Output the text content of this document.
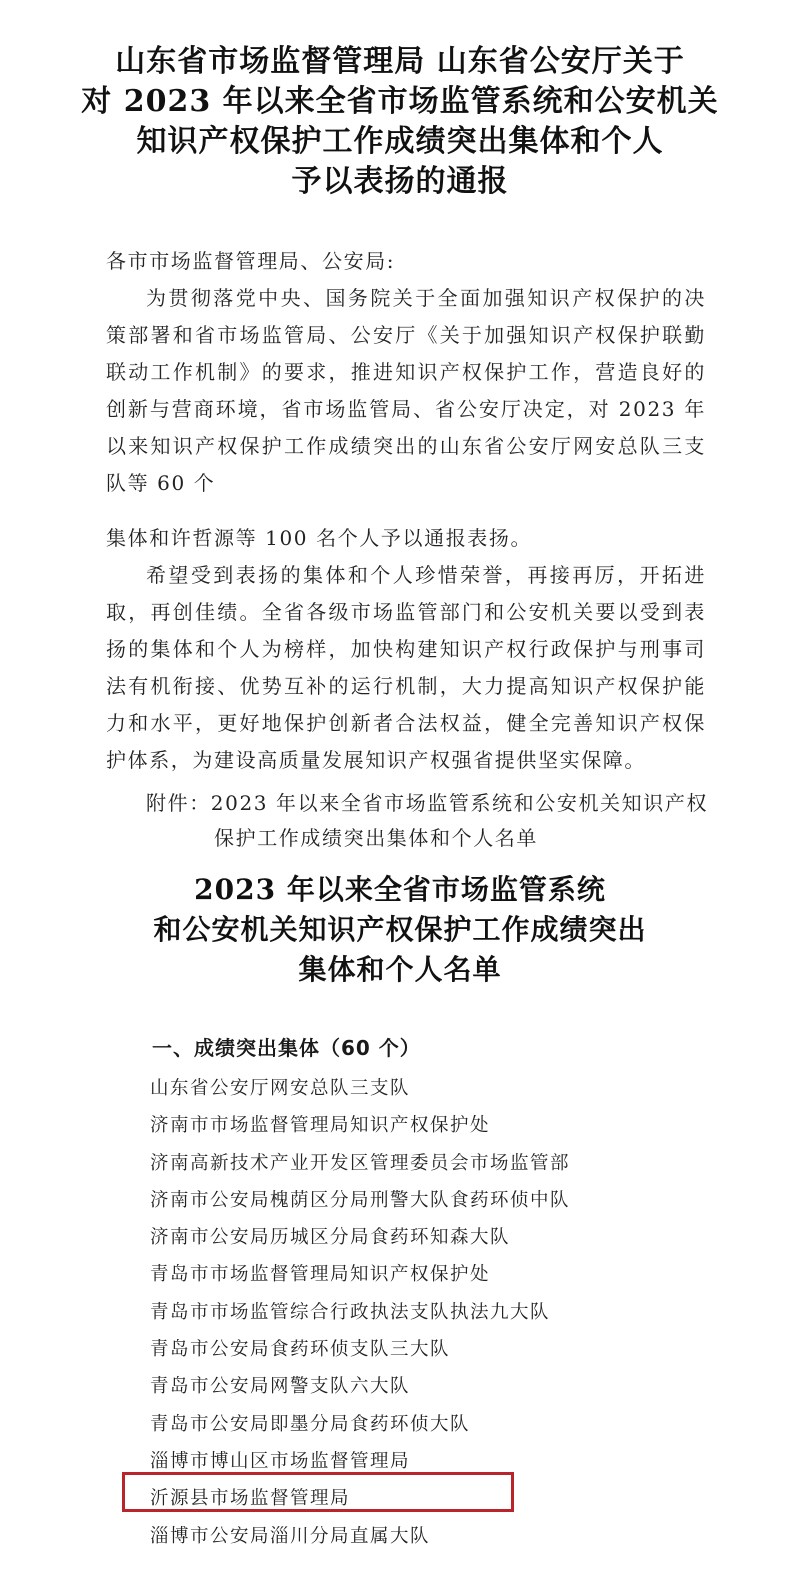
山东省市场监督管理局 山东省公安厅关于
对 2023 年以来全省市场监管系统和公安机关
知识产权保护工作成绩突出集体和个人
予以表扬的通报
各市市场监督管理局、公安局:
为贯彻落党中央、国务院关于全面加强知识产权保护的决策部署和省市场监管局、公安厅《关于加强知识产权保护联勤联动工作机制》的要求，推进知识产权保护工作，营造良好的创新与营商环境，省市场监管局、省公安厅决定，对 2023 年以来知识产权保护工作成绩突出的山东省公安厅网安总队三支队等 60 个
集体和许哲源等 100 名个人予以通报表扬。
希望受到表扬的集体和个人珍惜荣誉，再接再厉，开拓进取，再创佳绩。全省各级市场监管部门和公安机关要以受到表扬的集体和个人为榜样，加快构建知识产权行政保护与刑事司法有机衔接、优势互补的运行机制，大力提高知识产权保护能力和水平，更好地保护创新者合法权益，健全完善知识产权保护体系，为建设高质量发展知识产权强省提供坚实保障。
附件：2023 年以来全省市场监管系统和公安机关知识产权
保护工作成绩突出集体和个人名单
2023 年以来全省市场监管系统
和公安机关知识产权保护工作成绩突出
集体和个人名单
一、成绩突出集体（60 个）
山东省公安厅网安总队三支队
济南市市场监督管理局知识产权保护处
济南高新技术产业开发区管理委员会市场监管部
济南市公安局槐荫区分局刑警大队食药环侦中队
济南市公安局历城区分局食药环知森大队
青岛市市场监督管理局知识产权保护处
青岛市市场监管综合行政执法支队执法九大队
青岛市公安局食药环侦支队三大队
青岛市公安局网警支队六大队
青岛市公安局即墨分局食药环侦大队
淄博市博山区市场监督管理局
沂源县市场监督管理局
淄博市公安局淄川分局直属大队
